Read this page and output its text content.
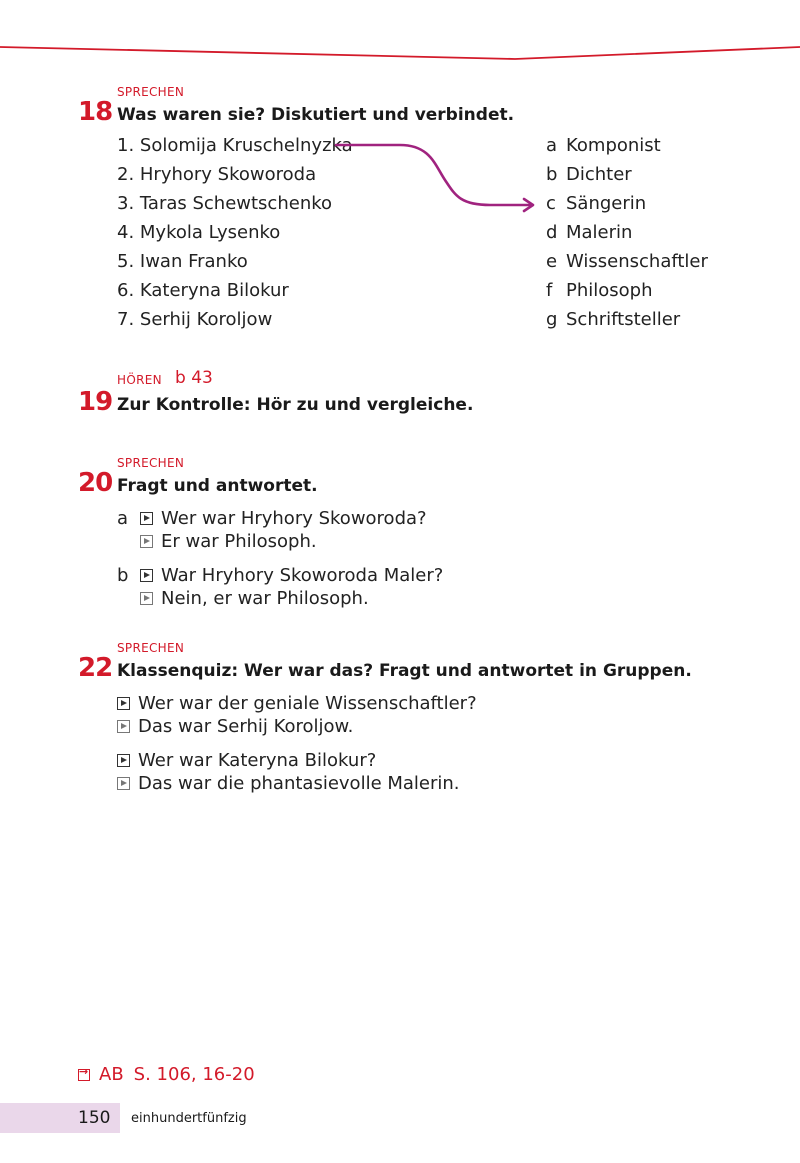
SPRECHEN
18 Was waren sie? Diskutiert und verbindet.
1. Solomija Kruschelnyzka
2. Hryhory Skoworoda
3. Taras Schewtschenko
4. Mykola Lysenko
5. Iwan Franko
6. Kateryna Bilokur
7. Serhij Koroljow
a
b
c
d
e
f
g
Komponist
Dichter
Sängerin
Malerin
Wissenschaftler
Philosoph
Schriftsteller
HÖREN b 43
19 Zur Kontrolle: Hör zu und vergleiche.
SPRECHEN
20 Fragt und antwortet.
a Wer war Hryhory Skoworoda?
Er war Philosoph.
b War Hryhory Skoworoda Maler?
Nein, er war Philosoph.
SPRECHEN
22 Klassenquiz: Wer war das? Fragt und antwortet in Gruppen.
Wer war der geniale Wissenschaftler?
Das war Serhij Koroljow.
Wer war Kateryna Bilokur?
Das war die phantasievolle Malerin.
→
AB S. 106, 16-20
150 einhundertfünfzig
